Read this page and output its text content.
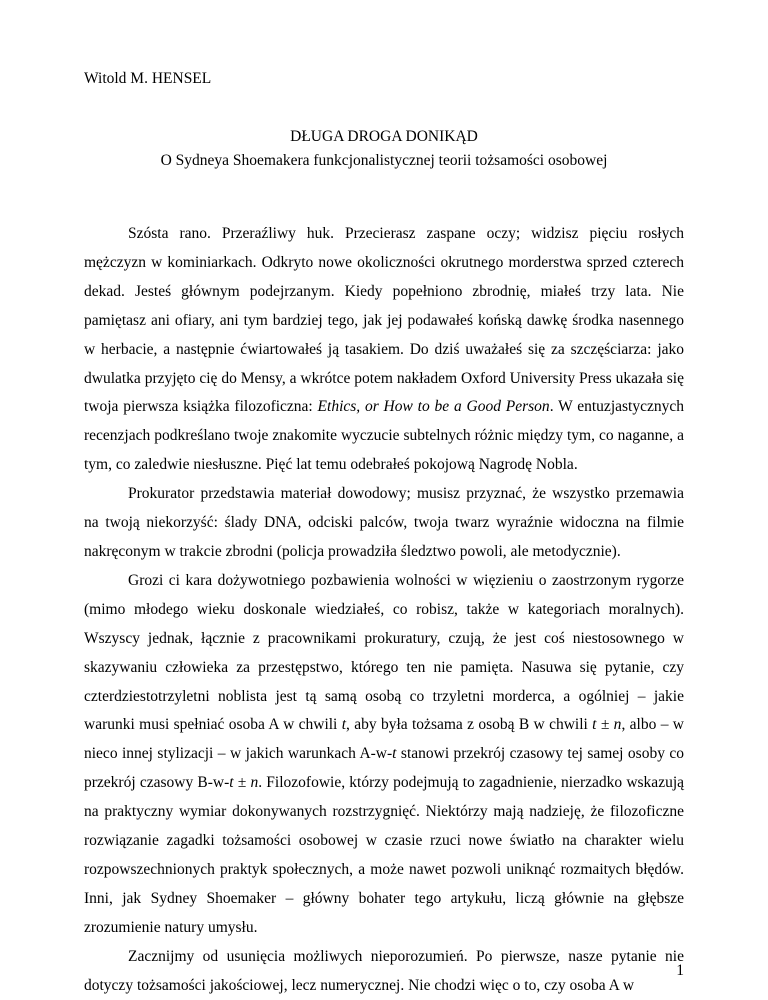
Witold M. HENSEL
DŁUGA DROGA DONIKĄD
O Sydneya Shoemakera funkcjonalistycznej teorii tożsamości osobowej

Szósta rano. Przeraźliwy huk. Przecierasz zaspane oczy; widzisz pięciu rosłych mężczyzn w kominiarkach. Odkryto nowe okoliczności okrutnego morderstwa sprzed czterech dekad. Jesteś głównym podejrzanym. Kiedy popełniono zbrodnię, miałeś trzy lata. Nie pamiętasz ani ofiary, ani tym bardziej tego, jak jej podawałeś końską dawkę środka nasennego w herbacie, a następnie ćwiartowałeś ją tasakiem. Do dziś uważałeś się za szczęściarza: jako dwulatka przyjęto cię do Mensy, a wkrótce potem nakładem Oxford University Press ukazała się twoja pierwsza książka filozoficzna: Ethics, or How to be a Good Person. W entuzjastycznych recenzjach podkreślano twoje znakomite wyczucie subtelnych różnic między tym, co naganne, a tym, co zaledwie niesłuszne. Pięć lat temu odebrałeś pokojową Nagrodę Nobla.

Prokurator przedstawia materiał dowodowy; musisz przyznać, że wszystko przemawia na twoją niekorzyść: ślady DNA, odciski palców, twoja twarz wyraźnie widoczna na filmie nakręconym w trakcie zbrodni (policja prowadziła śledztwo powoli, ale metodycznie).

Grozi ci kara dożywotniego pozbawienia wolności w więzieniu o zaostrzonym rygorze (mimo młodego wieku doskonale wiedziałeś, co robisz, także w kategoriach moralnych). Wszyscy jednak, łącznie z pracownikami prokuratury, czują, że jest coś niestosownego w skazywaniu człowieka za przestępstwo, którego ten nie pamięta. Nasuwa się pytanie, czy czterdziestotrzyletni noblista jest tą samą osobą co trzyletni morderca, a ogólniej – jakie warunki musi spełniać osoba A w chwili t, aby była tożsama z osobą B w chwili t ± n, albo – w nieco innej stylizacji – w jakich warunkach A-w-t stanowi przekrój czasowy tej samej osoby co przekrój czasowy B-w-t ± n. Filozofowie, którzy podejmują to zagadnienie, nierzadko wskazują na praktyczny wymiar dokonywanych rozstrzygnięć. Niektórzy mają nadzieję, że filozoficzne rozwiązanie zagadki tożsamości osobowej w czasie rzuci nowe światło na charakter wielu rozpowszechnionych praktyk społecznych, a może nawet pozwoli uniknąć rozmaitych błędów. Inni, jak Sydney Shoemaker – główny bohater tego artykułu, liczą głównie na głębsze zrozumienie natury umysłu.

Zacznijmy od usunięcia możliwych nieporozumień. Po pierwsze, nasze pytanie nie dotyczy tożsamości jakościowej, lecz numerycznej. Nie chodzi więc o to, czy osoba A w

1
